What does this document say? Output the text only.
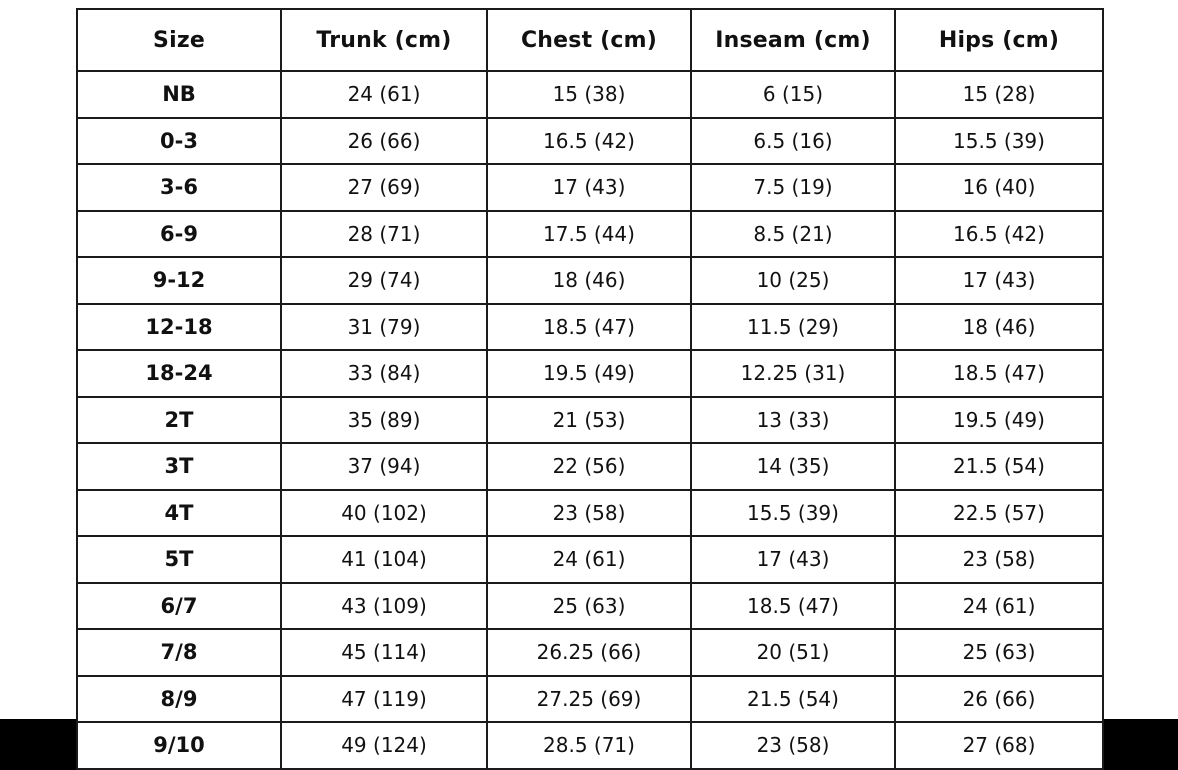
Size	Trunk (cm)	Chest (cm)	Inseam (cm)	Hips (cm)
NB	24 (61)	15 (38)	6 (15)	15 (28)
0-3	26 (66)	16.5 (42)	6.5 (16)	15.5 (39)
3-6	27 (69)	17 (43)	7.5 (19)	16 (40)
6-9	28 (71)	17.5 (44)	8.5 (21)	16.5 (42)
9-12	29 (74)	18 (46)	10 (25)	17 (43)
12-18	31 (79)	18.5 (47)	11.5 (29)	18 (46)
18-24	33 (84)	19.5 (49)	12.25 (31)	18.5 (47)
2T	35 (89)	21 (53)	13 (33)	19.5 (49)
3T	37 (94)	22 (56)	14 (35)	21.5 (54)
4T	40 (102)	23 (58)	15.5 (39)	22.5 (57)
5T	41 (104)	24 (61)	17 (43)	23 (58)
6/7	43 (109)	25 (63)	18.5 (47)	24 (61)
7/8	45 (114)	26.25 (66)	20 (51)	25 (63)
8/9	47 (119)	27.25 (69)	21.5 (54)	26 (66)
9/10	49 (124)	28.5 (71)	23 (58)	27 (68)
